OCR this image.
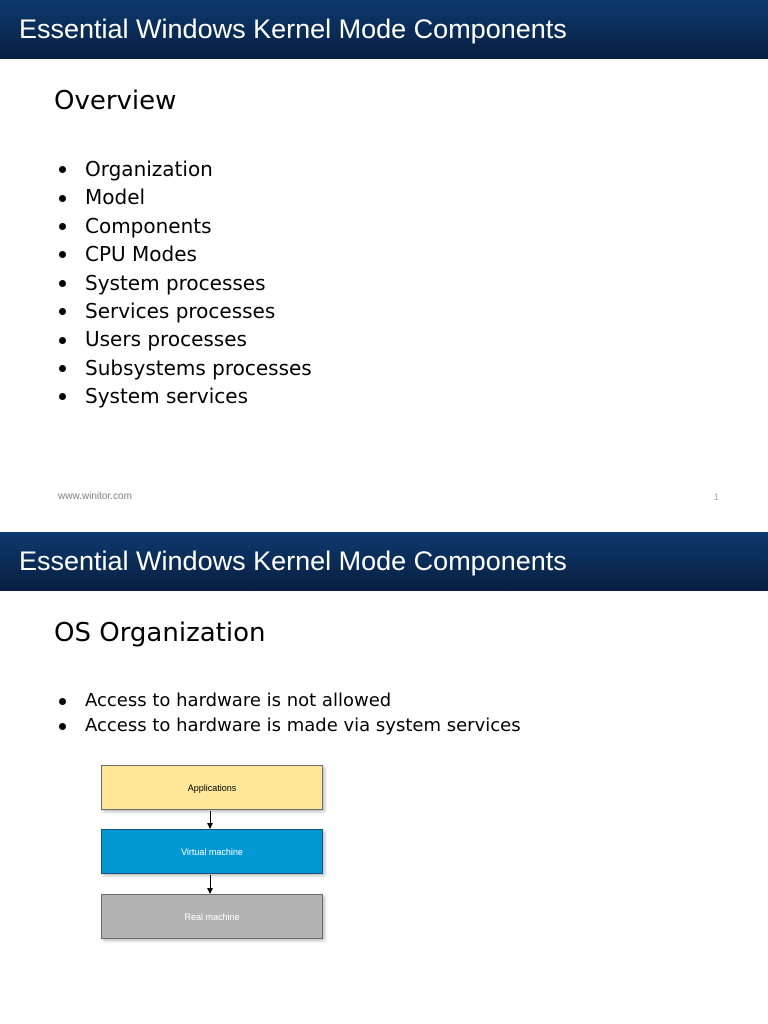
Essential Windows Kernel Mode Components
Overview
Organization
Model
Components
CPU Modes
System processes
Services processes
Users processes
Subsystems processes
System services
www.winitor.com	1
Essential Windows Kernel Mode Components
OS Organization
Access to hardware is not allowed
Access to hardware is made via system services
Applications
Virtual machine
Real machine
